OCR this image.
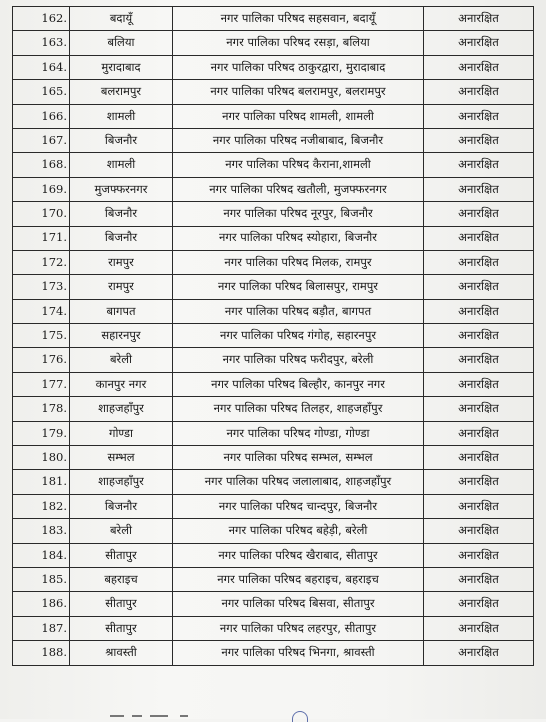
162.	बदायूँ	नगर पालिका परिषद सहसवान, बदायूँ	अनारक्षित
163.	बलिया	नगर पालिका परिषद रसड़ा, बलिया	अनारक्षित
164.	मुरादाबाद	नगर पालिका परिषद ठाकुरद्वारा, मुरादाबाद	अनारक्षित
165.	बलरामपुर	नगर पालिका परिषद बलरामपुर, बलरामपुर	अनारक्षित
166.	शामली	नगर पालिका परिषद शामली, शामली	अनारक्षित
167.	बिजनौर	नगर पालिका परिषद नजीबाबाद, बिजनौर	अनारक्षित
168.	शामली	नगर पालिका परिषद कैराना,शामली	अनारक्षित
169.	मुजफ्फरनगर	नगर पालिका परिषद खतौली, मुजफ्फरनगर	अनारक्षित
170.	बिजनौर	नगर पालिका परिषद नूरपुर, बिजनौर	अनारक्षित
171.	बिजनौर	नगर पालिका परिषद स्योहारा, बिजनौर	अनारक्षित
172.	रामपुर	नगर पालिका परिषद मिलक, रामपुर	अनारक्षित
173.	रामपुर	नगर पालिका परिषद बिलासपुर, रामपुर	अनारक्षित
174.	बागपत	नगर पालिका परिषद बड़ौत, बागपत	अनारक्षित
175.	सहारनपुर	नगर पालिका परिषद गंगोह, सहारनपुर	अनारक्षित
176.	बरेली	नगर पालिका परिषद फरीदपुर, बरेली	अनारक्षित
177.	कानपुर नगर	नगर पालिका परिषद बिल्हौर, कानपुर नगर	अनारक्षित
178.	शाहजहाँपुर	नगर पालिका परिषद तिलहर, शाहजहाँपुर	अनारक्षित
179.	गोण्डा	नगर पालिका परिषद गोण्डा, गोण्डा	अनारक्षित
180.	सम्भल	नगर पालिका परिषद सम्भल, सम्भल	अनारक्षित
181.	शाहजहाँपुर	नगर पालिका परिषद जलालाबाद, शाहजहाँपुर	अनारक्षित
182.	बिजनौर	नगर पालिका परिषद चान्दपुर, बिजनौर	अनारक्षित
183.	बरेली	नगर पालिका परिषद बहेड़ी, बरेली	अनारक्षित
184.	सीतापुर	नगर पालिका परिषद खैराबाद, सीतापुर	अनारक्षित
185.	बहराइच	नगर पालिका परिषद बहराइच, बहराइच	अनारक्षित
186.	सीतापुर	नगर पालिका परिषद बिसवा, सीतापुर	अनारक्षित
187.	सीतापुर	नगर पालिका परिषद लहरपुर, सीतापुर	अनारक्षित
188.	श्रावस्ती	नगर पालिका परिषद भिनगा, श्रावस्ती	अनारक्षित
